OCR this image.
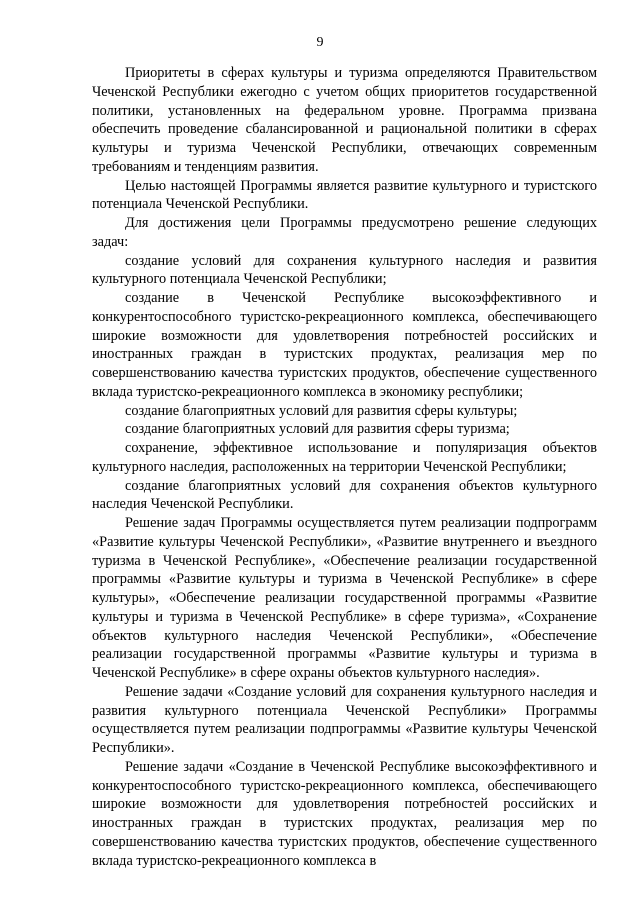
9

Приоритеты в сферах культуры и туризма определяются Правительством Чеченской Республики ежегодно с учетом общих приоритетов государственной политики, установленных на федеральном уровне. Программа призвана обеспечить проведение сбалансированной и рациональной политики в сферах культуры и туризма Чеченской Республики, отвечающих современным требованиям и тенденциям развития.

Целью настоящей Программы является развитие культурного и туристского потенциала Чеченской Республики.

Для достижения цели Программы предусмотрено решение следующих задач:

создание условий для сохранения культурного наследия и развития культурного потенциала Чеченской Республики;

создание в Чеченской Республике высокоэффективного и конкурентоспособного туристско-рекреационного комплекса, обеспечивающего широкие возможности для удовлетворения потребностей российских и иностранных граждан в туристских продуктах, реализация мер по совершенствованию качества туристских продуктов, обеспечение существенного вклада туристско-рекреационного комплекса в экономику республики;

создание благоприятных условий для развития сферы культуры;

создание благоприятных условий для развития сферы туризма;

сохранение, эффективное использование и популяризация объектов культурного наследия, расположенных на территории Чеченской Республики;

создание благоприятных условий для сохранения объектов культурного наследия Чеченской Республики.

Решение задач Программы осуществляется путем реализации подпрограмм «Развитие культуры Чеченской Республики», «Развитие внутреннего и въездного туризма в Чеченской Республике», «Обеспечение реализации государственной программы «Развитие культуры и туризма в Чеченской Республике» в сфере культуры», «Обеспечение реализации государственной программы «Развитие культуры и туризма в Чеченской Республике» в сфере туризма», «Сохранение объектов культурного наследия Чеченской Республики», «Обеспечение реализации государственной программы «Развитие культуры и туризма в Чеченской Республике» в сфере охраны объектов культурного наследия».

Решение задачи «Создание условий для сохранения культурного наследия и развития культурного потенциала Чеченской Республики» Программы осуществляется путем реализации подпрограммы «Развитие культуры Чеченской Республики».

Решение задачи «Создание в Чеченской Республике высокоэффективного и конкурентоспособного туристско-рекреационного комплекса, обеспечивающего широкие возможности для удовлетворения потребностей российских и иностранных граждан в туристских продуктах, реализация мер по совершенствованию качества туристских продуктов, обеспечение существенного вклада туристско-рекреационного комплекса в
